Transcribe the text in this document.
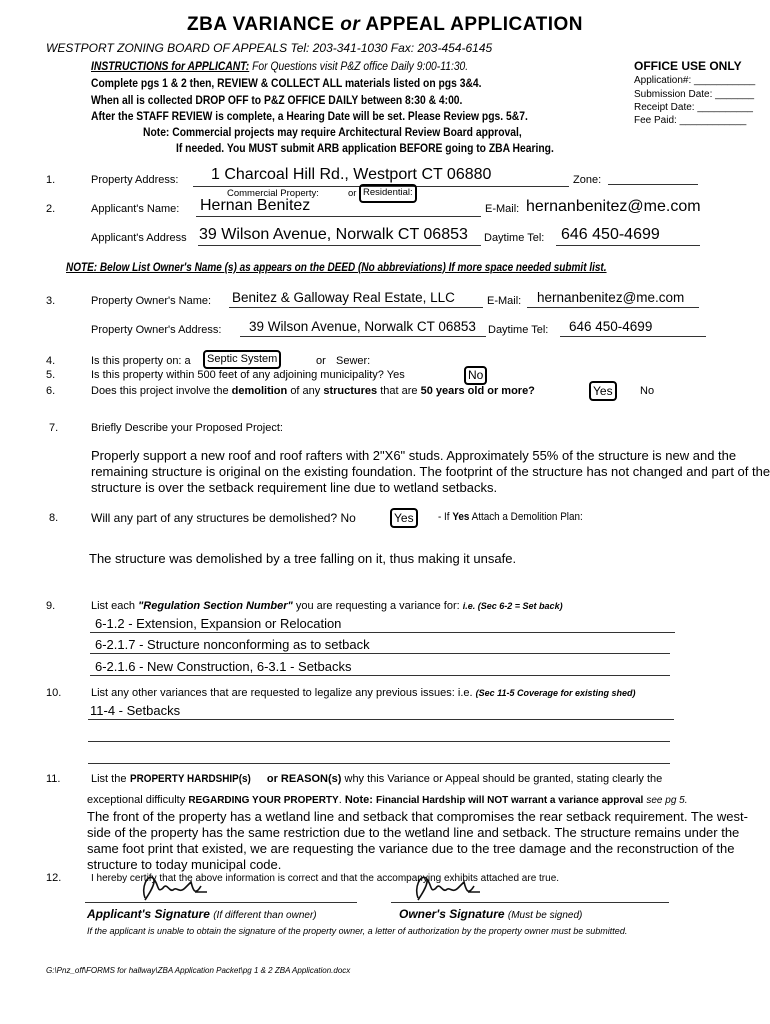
ZBA VARIANCE or APPEAL APPLICATION
WESTPORT ZONING BOARD OF APPEALS Tel: 203-341-1030 Fax: 203-454-6145
INSTRUCTIONS for APPLICANT: For Questions visit P&Z office Daily 9:00-11:30.
Complete pgs 1 & 2 then, REVIEW & COLLECT ALL materials listed on pgs 3&4.
When all is collected DROP OFF to P&Z OFFICE DAILY between 8:30 & 4:00.
After the STAFF REVIEW is complete, a Hearing Date will be set. Please Review pgs. 5&7.
Note: Commercial projects may require Architectural Review Board approval,
If needed. You MUST submit ARB application BEFORE going to ZBA Hearing.
OFFICE USE ONLY
Application#: ___________
Submission Date: _______
Receipt Date: __________
Fee Paid: ____________
1.	Property Address: 1 Charcoal Hill Rd., Westport CT 06880	Zone:
Commercial Property:	or Residential:
2.	Applicant's Name: Hernan Benitez	E-Mail: hernanbenitez@me.com
Applicant's Address 39 Wilson Avenue, Norwalk CT 06853 Daytime Tel: 646 450-4699
NOTE: Below List Owner's Name (s) as appears on the DEED (No abbreviations) If more space needed submit list.
3.	Property Owner's Name: Benitez & Galloway Real Estate, LLC	E-Mail: hernanbenitez@me.com
Property Owner's Address: 39 Wilson Avenue, Norwalk CT 06853 Daytime Tel: 646 450-4699
4.	Is this property on: a	Septic System	or Sewer:
5.	Is this property within 500 feet of any adjoining municipality? Yes	No
6.	Does this project involve the demolition of any structures that are 50 years old or more?	Yes	No
7.	Briefly Describe your Proposed Project:
Properly support a new roof and roof rafters with 2"X6" studs. Approximately 55% of the structure is new and the remaining structure is original on the existing foundation. The footprint of the structure has not changed and part of the structure is over the setback requirement line due to wetland setbacks.
8.	Will any part of any structures be demolished? No	Yes	- If Yes Attach a Demolition Plan:
The structure was demolished by a tree falling on it, thus making it unsafe.
9.	List each "Regulation Section Number" you are requesting a variance for: i.e. (Sec 6-2 = Set back)
6-1.2 - Extension, Expansion or Relocation
6-2.1.7 - Structure nonconforming as to setback
6-2.1.6 - New Construction, 6-3.1 - Setbacks
10.	List any other variances that are requested to legalize any previous issues: i.e. (Sec 11-5 Coverage for existing shed)
11-4 - Setbacks
11.	List the PROPERTY HARDSHIP(s) or REASON(s) why this Variance or Appeal should be granted, stating clearly the
exceptional difficulty REGARDING YOUR PROPERTY. Note: Financial Hardship will NOT warrant a variance approval see pg 5.
The front of the property has a wetland line and setback that compromises the rear setback requirement. The west-side of the property has the same restriction due to the wetland line and setback. The structure remains under the same foot print that existed, we are requesting the variance due to the tree damage and the reconstruction of the structure to today municipal code.
12.	I hereby certify that the above information is correct and that the accompanying exhibits attached are true.
Applicant's Signature (If different than owner)	Owner's Signature (Must be signed)
If the applicant is unable to obtain the signature of the property owner, a letter of authorization by the property owner must be submitted.
G:\Pnz_off\FORMS for hallway\ZBA Application Packet\pg 1 & 2 ZBA Application.docx
